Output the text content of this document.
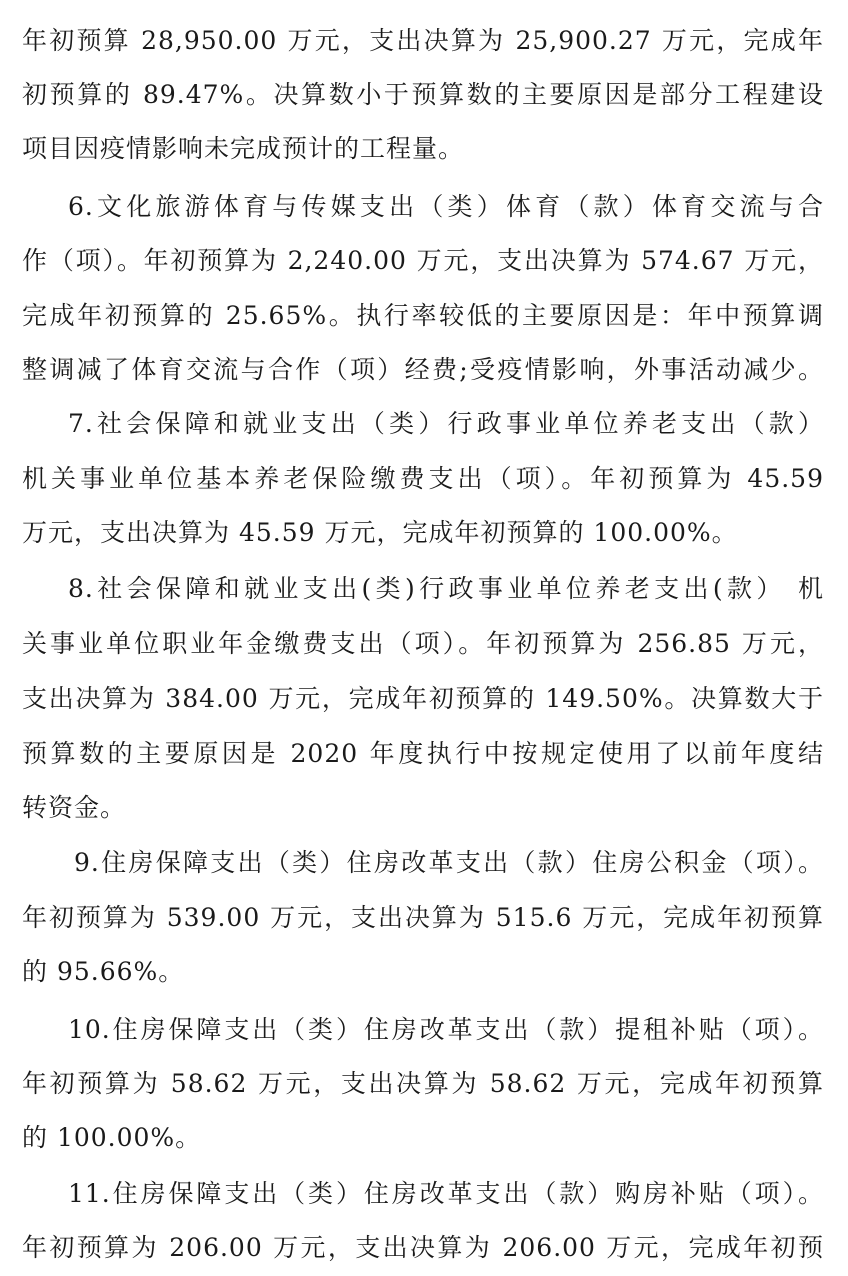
年初预算 28,950.00 万元，支出决算为 25,900.27 万元，完成年
初预算的 89.47%。决算数小于预算数的主要原因是部分工程建设
项目因疫情影响未完成预计的工程量。
6.文化旅游体育与传媒支出（类）体育（款）体育交流与合
作（项）。年初预算为 2,240.00 万元，支出决算为 574.67 万元，
完成年初预算的 25.65%。执行率较低的主要原因是：年中预算调
整调减了体育交流与合作（项）经费;受疫情影响，外事活动减少。
7.社会保障和就业支出（类）行政事业单位养老支出（款）
机关事业单位基本养老保险缴费支出（项）。年初预算为 45.59
万元，支出决算为 45.59 万元，完成年初预算的 100.00%。
8.社会保障和就业支出(类)行政事业单位养老支出(款） 机
关事业单位职业年金缴费支出（项）。年初预算为 256.85 万元，
支出决算为 384.00 万元，完成年初预算的 149.50%。决算数大于
预算数的主要原因是 2020 年度执行中按规定使用了以前年度结
转资金。
9.住房保障支出（类）住房改革支出（款）住房公积金（项）。
年初预算为 539.00 万元，支出决算为 515.6 万元，完成年初预算
的 95.66%。
10.住房保障支出（类）住房改革支出（款）提租补贴（项）。
年初预算为 58.62 万元，支出决算为 58.62 万元，完成年初预算
的 100.00%。
11.住房保障支出（类）住房改革支出（款）购房补贴（项）。
年初预算为 206.00 万元，支出决算为 206.00 万元，完成年初预
